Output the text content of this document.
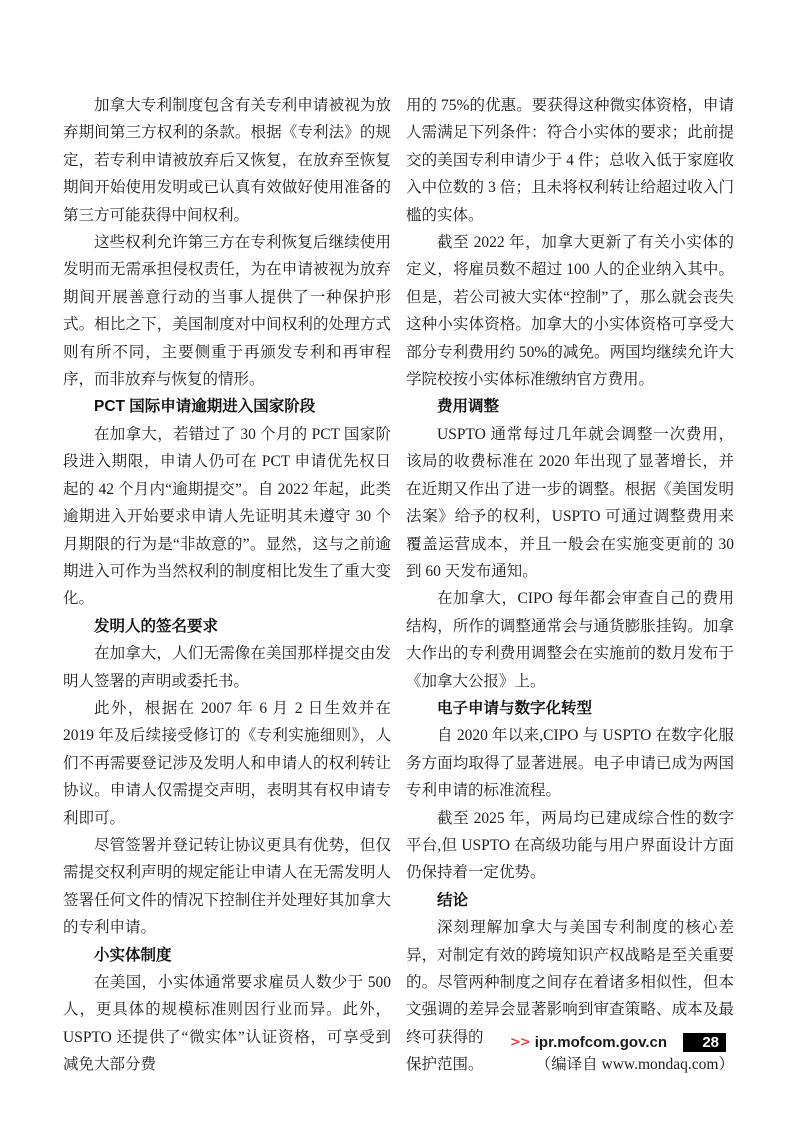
加拿大专利制度包含有关专利申请被视为放弃期间第三方权利的条款。根据《专利法》的规定，若专利申请被放弃后又恢复，在放弃至恢复期间开始使用发明或已认真有效做好使用准备的第三方可能获得中间权利。

这些权利允许第三方在专利恢复后继续使用发明而无需承担侵权责任，为在申请被视为放弃期间开展善意行动的当事人提供了一种保护形式。相比之下，美国制度对中间权利的处理方式则有所不同，主要侧重于再颁发专利和再审程序，而非放弃与恢复的情形。

PCT 国际申请逾期进入国家阶段

在加拿大，若错过了 30 个月的 PCT 国家阶段进入期限，申请人仍可在 PCT 申请优先权日起的 42 个月内“逾期提交”。自 2022 年起，此类逾期进入开始要求申请人先证明其未遵守 30 个月期限的行为是“非故意的”。显然，这与之前逾期进入可作为当然权利的制度相比发生了重大变化。

发明人的签名要求

在加拿大，人们无需像在美国那样提交由发明人签署的声明或委托书。

此外，根据在 2007 年 6 月 2 日生效并在 2019 年及后续接受修订的《专利实施细则》，人们不再需要登记涉及发明人和申请人的权利转让协议。申请人仅需提交声明，表明其有权申请专利即可。

尽管签署并登记转让协议更具有优势，但仅需提交权利声明的规定能让申请人在无需发明人签署任何文件的情况下控制住并处理好其加拿大的专利申请。

小实体制度

在美国，小实体通常要求雇员人数少于 500 人，更具体的规模标准则因行业而异。此外，USPTO 还提供了“微实体”认证资格，可享受到减免大部分费

用的 75%的优惠。要获得这种微实体资格，申请人需满足下列条件：符合小实体的要求；此前提交的美国专利申请少于 4 件；总收入低于家庭收入中位数的 3 倍；且未将权利转让给超过收入门槛的实体。

截至 2022 年，加拿大更新了有关小实体的定义，将雇员数不超过 100 人的企业纳入其中。但是，若公司被大实体“控制”了，那么就会丧失这种小实体资格。加拿大的小实体资格可享受大部分专利费用约 50%的减免。两国均继续允许大学院校按小实体标准缴纳官方费用。

费用调整

USPTO 通常每过几年就会调整一次费用，该局的收费标准在 2020 年出现了显著增长，并在近期又作出了进一步的调整。根据《美国发明法案》给予的权利，USPTO 可通过调整费用来覆盖运营成本，并且一般会在实施变更前的 30 到 60 天发布通知。

在加拿大，CIPO 每年都会审查自己的费用结构，所作的调整通常会与通货膨胀挂钩。加拿大作出的专利费用调整会在实施前的数月发布于《加拿大公报》上。

电子申请与数字化转型

自 2020 年以来,CIPO 与 USPTO 在数字化服务方面均取得了显著进展。电子申请已成为两国专利申请的标准流程。

截至 2025 年，两局均已建成综合性的数字平台,但 USPTO 在高级功能与用户界面设计方面仍保持着一定优势。

结论

深刻理解加拿大与美国专利制度的核心差异，对制定有效的跨境知识产权战略是至关重要的。尽管两种制度之间存在着诸多相似性，但本文强调的差异会显著影响到审查策略、成本及最终可获得的

保护范围。	（编译自 www.mondaq.com）
>> ipr.mofcom.gov.cn	28
